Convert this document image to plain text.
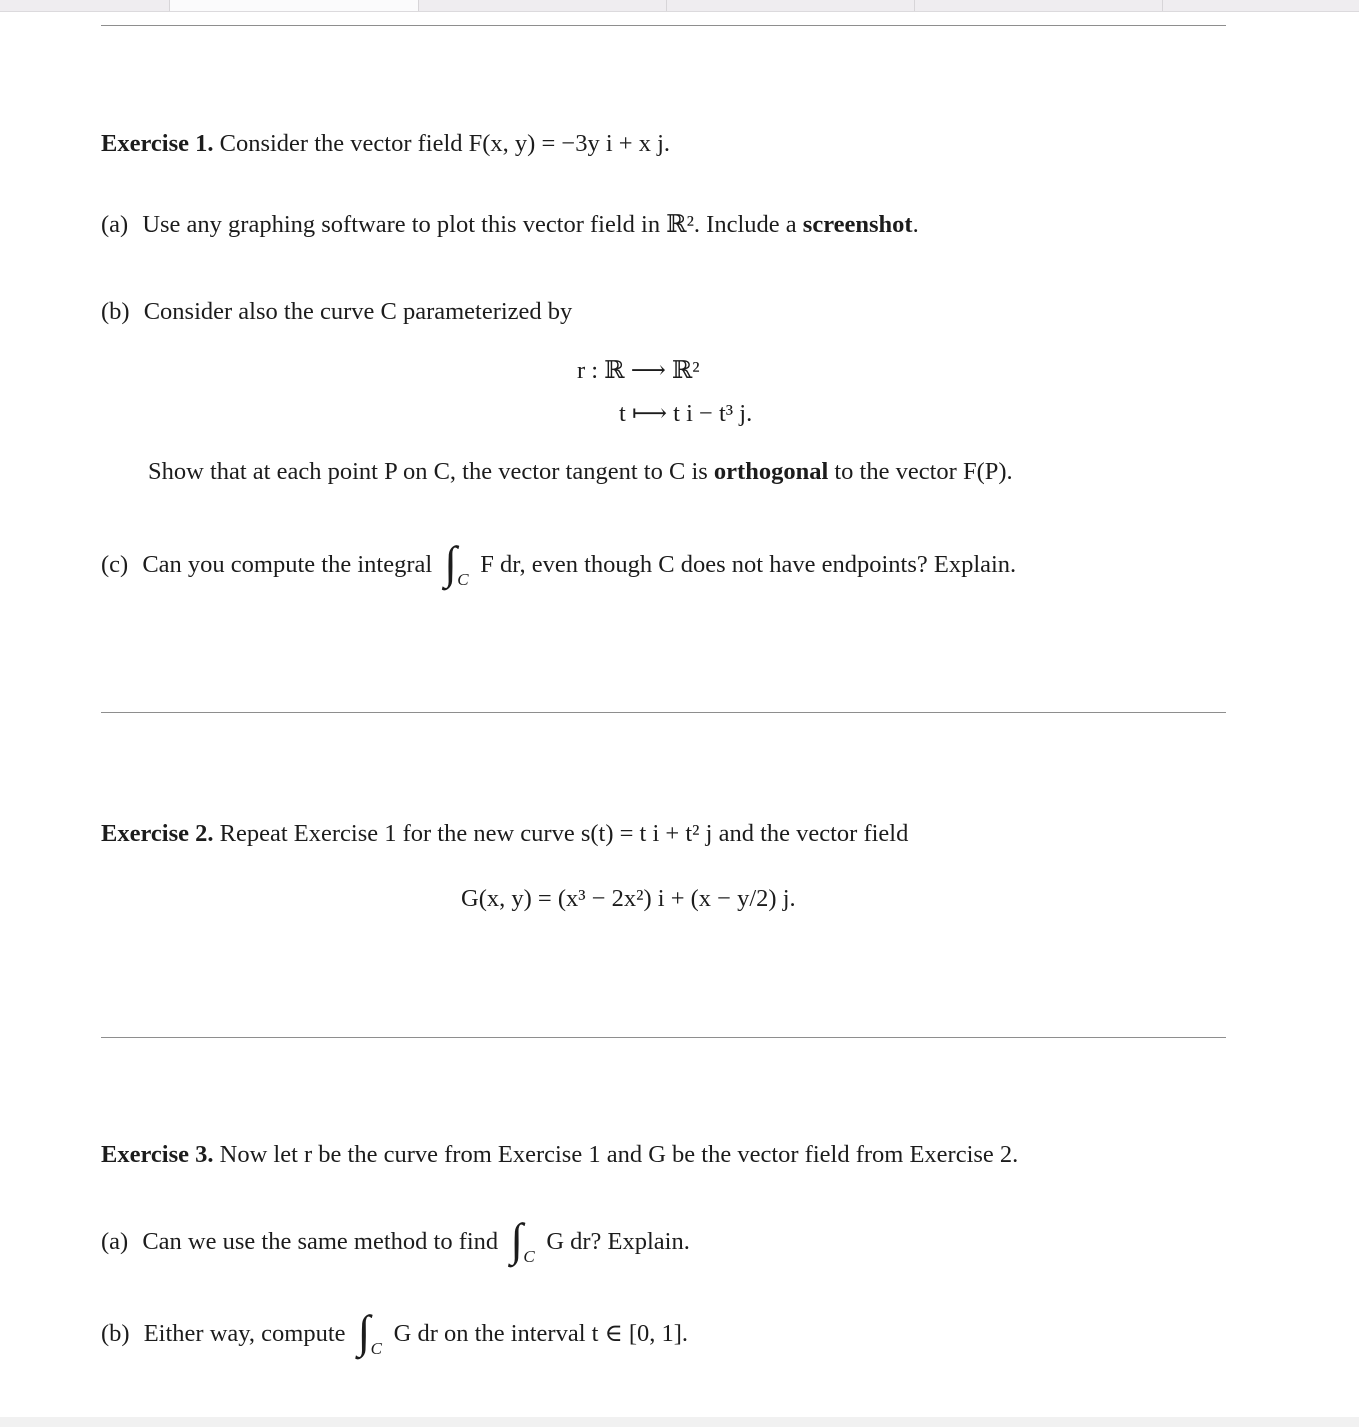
Exercise 1. Consider the vector field F(x, y) = −3y i + x j.
(a) Use any graphing software to plot this vector field in ℝ². Include a screenshot.
(b) Consider also the curve C parameterized by
r : ℝ ⟶ ℝ²
t ⟼ t i − t³ j.
Show that at each point P on C, the vector tangent to C is orthogonal to the vector F(P).
(c) Can you compute the integral ∫ C
F dr, even though C does not have endpoints? Explain.
Exercise 2. Repeat Exercise 1 for the new curve s(t) = t i + t² j and the vector field
G(x, y) = (x³ − 2x²) i + (x − y/2) j.
Exercise 3. Now let r be the curve from Exercise 1 and G be the vector field from Exercise 2.
(a) Can we use the same method to find ∫ C
G dr? Explain.
(b) Either way, compute ∫ C
G dr on the interval t ∈ [0, 1].
